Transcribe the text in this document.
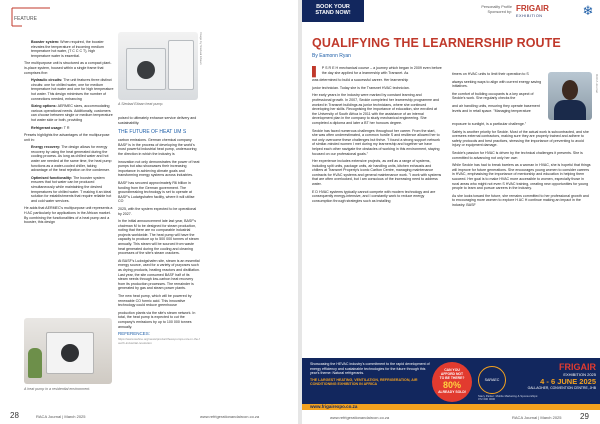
FEATURE
• Booster system: When required, the booster elevates the temperature of incoming medium temperature hot water, (T C C C T), high temperature water is essential.

The multipurpose unit is structured as a compact plant-in-place system, housed within a single frame that comprises five:

• Hydraulic circuits: The unit features three distinct circuits: one for chilled water, one for medium temperature hot water and one for high temperature hot water. This design minimises the number of connections needed, enhancing
• Sizing options: AERMEC sizes, accommodating various operational needs. Additionally, customers can choose between single or medium temperature hot water side or both, providing
• Refrigerant usage: T R

Presets highlights the advantages of the multipurpose unit in:

• Energy recovery: The design allows for energy recovery by using the heat generated during the cooling process. As long as chilled water and hot water are needed at the same time, the heat pump functions as a water-cooled chiller, taking advantage of the heat rejection on the condenser.
• Optimised functionality: The booster system ensures that hot water can be produced simultaneously while maintaining the desired temperatures for chilled water. T making it an ideal solution for establishments that require reliable hot and cold water services.

He adds that AERMEC's multipurpose unit represents a H AC particularly for applications in the African market. By combining the functionalities of a heat pump and a booster, this design

Image by Siedaal Eltaan
A Siedaal Eitaan heat pump.
A heat pump in a residential environment.

poised to ultimately enhance service delivery and sustainability.

THE FUTURE OF HEAT UM S

carbon emissions. German chemical company BASF is in the process of developing the world's most powerful industrial heat pump, underscoring the direction in which the industry is

innovation not only demonstrates the power of heat pumps but also showcases their increasing importance in achieving climate goals and transforming energy systems across industries.

BASF has secured approximately R6 billion in funding from the German government. The groundbreaking technology is set to operate at BASF's Ludwigshafen facility, where it will utilise CO

2025, with the system expected to be operational by 2027.

In the initial announcement late last year, BASF's chairman M to be designed for steam production, noting that there are no comparable industrial projects worldwide. The heat pump will have the capacity to produce up to 500 000 tonnes of steam annually. This steam will be sourced from waste heat generated during the cooling and cleaning processes of the site's steam crackers.

At BASF's Ludwigshafen site, steam is an essential energy source, used for a variety of purposes such as drying products, heating reactors and distillation. Last year, the site consumed BASF half of its steam needs through low-carbon heat recovery from its production processes. The remainder is generated by gas and steam power plants.

The new heat pump, which will be powered by renewable CO formic acid. This innovative technology could reduce greenhouse

production plants via the site's steam network. In total, the heat pump is expected to cut the company's emissions by up to 100 000 tonnes annually.

REFERENCES:
https://www.siehne.org/news/product/heat-pumps-role-in-the-fourth-industrial-revolution
28	RACA Journal | March 2025	www.refrigerationandaircon.co.za
BOOK YOUR
STAND NOW!
Personality Profile
Sponsored by: FRIGAIR
EXHIBITION	❄
QUALIFYING THE LEARNERSHIP ROUTE
By Eamonn Ryan

▌ P S R E H mechanical course – a journey which began in 2009 even before the day she applied for a learnership with Transnet. As

was determined to build a successful career. Her learnership

junior technician. Today she is the Transnet HVAC technician.

Her early years in the industry were marked by constant learning and professional growth. In 2007, Seokie completed her learnership programme and worked in Transnet buildings as junior technicians, where she continued developing her skills. Recognising the importance of education, she enrolled at the University of South Africa in 2011 with the assistance of an internal development plan in the company to study mechanical engineering. She completed a diploma and later a BT her honours degree.

Seokie has faced numerous challenges throughout her career. From the start, she was often underestimated, a common hurdle S and resilience allowed her to not only overcome these challenges but thrive. "I found a strong support network of similar-minded women I met during my learnership and together we have helped each other navigate the obstacles of working in this environment, staying focused on our professional goals."

Her experience includes extensive projects, as well as a range of systems, including split units, package units, air handling units, kitchen exhausts and chillers at Transnet Property's iconic Carlton Centre, managing maintenance contracts for HVAC systems and general maintenance work. "I work with systems that are often overlooked, but I am conscious of the increasing need to address water.

E D HVAC systems typically cannot compete with modern technology and are consequently energy-intensive, and I constantly work to reduce energy consumption through strategies such as installing

RACA Journal

timers on HVAC units to limit their operation to S

always seeking ways to align with current energy saving initiatives.

the comfort of building occupants is a key aspect of Seokie's work. She regularly checks the

and air handling units, ensuring they operate basement levels and in retail space. "Managing temperature

exposure to sunlight, is a particular challenge."

Safety is another priority for Seokie. Most of the actual work is subcontracted, and she oversees external contractors, making sure they are properly trained and adhere to safety protocols and best practices, stressing the importance of preventing to avoid injury or equipment damage.

Seokie's passion for HVAC is driven by the technical challenges it presents. She is committed to advancing not only her own

While Seokie has had to break barriers as a woman in HVAC, she is hopeful that things will improve for future generations. She encourages young women to consider careers in HVAC, emphasising the importance of mentorship and education in helping them succeed. Her goal is to make HVAC more accessible to women, especially those in rural areas who might not even S HVAC training, creating new opportunities for young people to learn and pursue careers in the industry.

As she looks toward the future, she remains committed to her professional growth and to encouraging more women to explore H AC H continue making an impact in the industry. BASF

Showcasing the HEVAC industry's commitment to the rapid development of energy efficiency and sustainable technologies for the future through this year's theme: Natural refrigerants.
THE LARGEST HEATING, VENTILATION, REFRIGERATION, AIR CONDITIONING EXHIBITION IN AFRICA
CAN YOU
AFFORD NOT
TO BE THERE?
80%
ALREADY SOLD!
SARAEC
FRIGAIR
EXHIBITION 2025
4 - 6 JUNE 2025
GALLAGHER, CONVENTION CENTRE, JHB
Stacy Parker: Mobile Marketing & Sponsorships: 072 000 0000
www.frigairexpo.co.za
www.refrigerationandaircon.co.za	RACA Journal | March 2025 29
